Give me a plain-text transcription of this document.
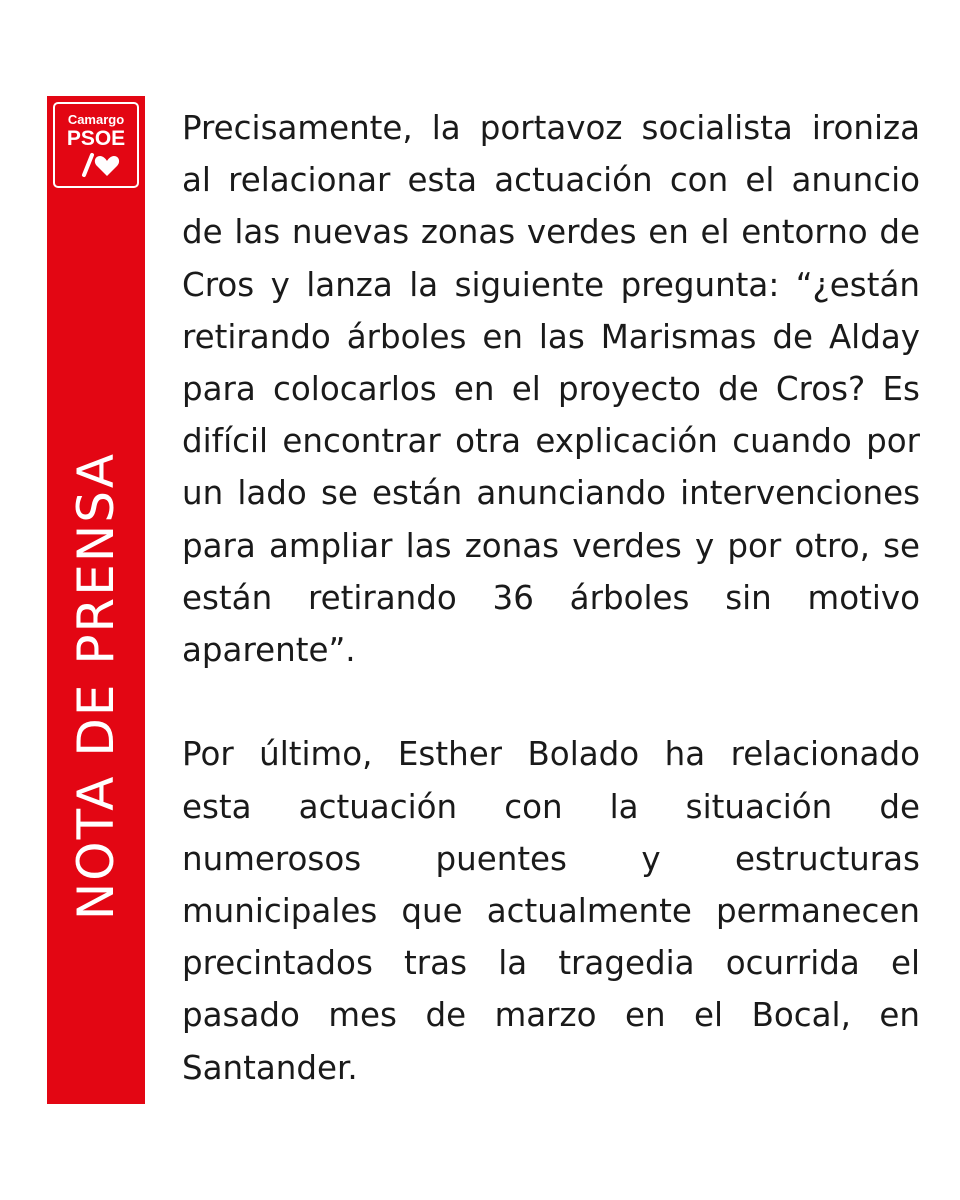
Camargo
PSOE
NOTA DE PRENSA

Precisamente, la portavoz socialista ironiza al relacionar esta actuación con el anuncio de las nuevas zonas verdes en el entorno de Cros y lanza la siguiente pregunta: “¿están retirando árboles en las Marismas de Alday para colocarlos en el proyecto de Cros? Es difícil encontrar otra explicación cuando por un lado se están anunciando intervenciones para ampliar las zonas verdes y por otro, se están retirando 36 árboles sin motivo aparente”.

Por último, Esther Bolado ha relacionado esta actuación con la situación de numerosos puentes y estructuras municipales que actualmente permanecen precintados tras la tragedia ocurrida el pasado mes de marzo en el Bocal, en Santander.
